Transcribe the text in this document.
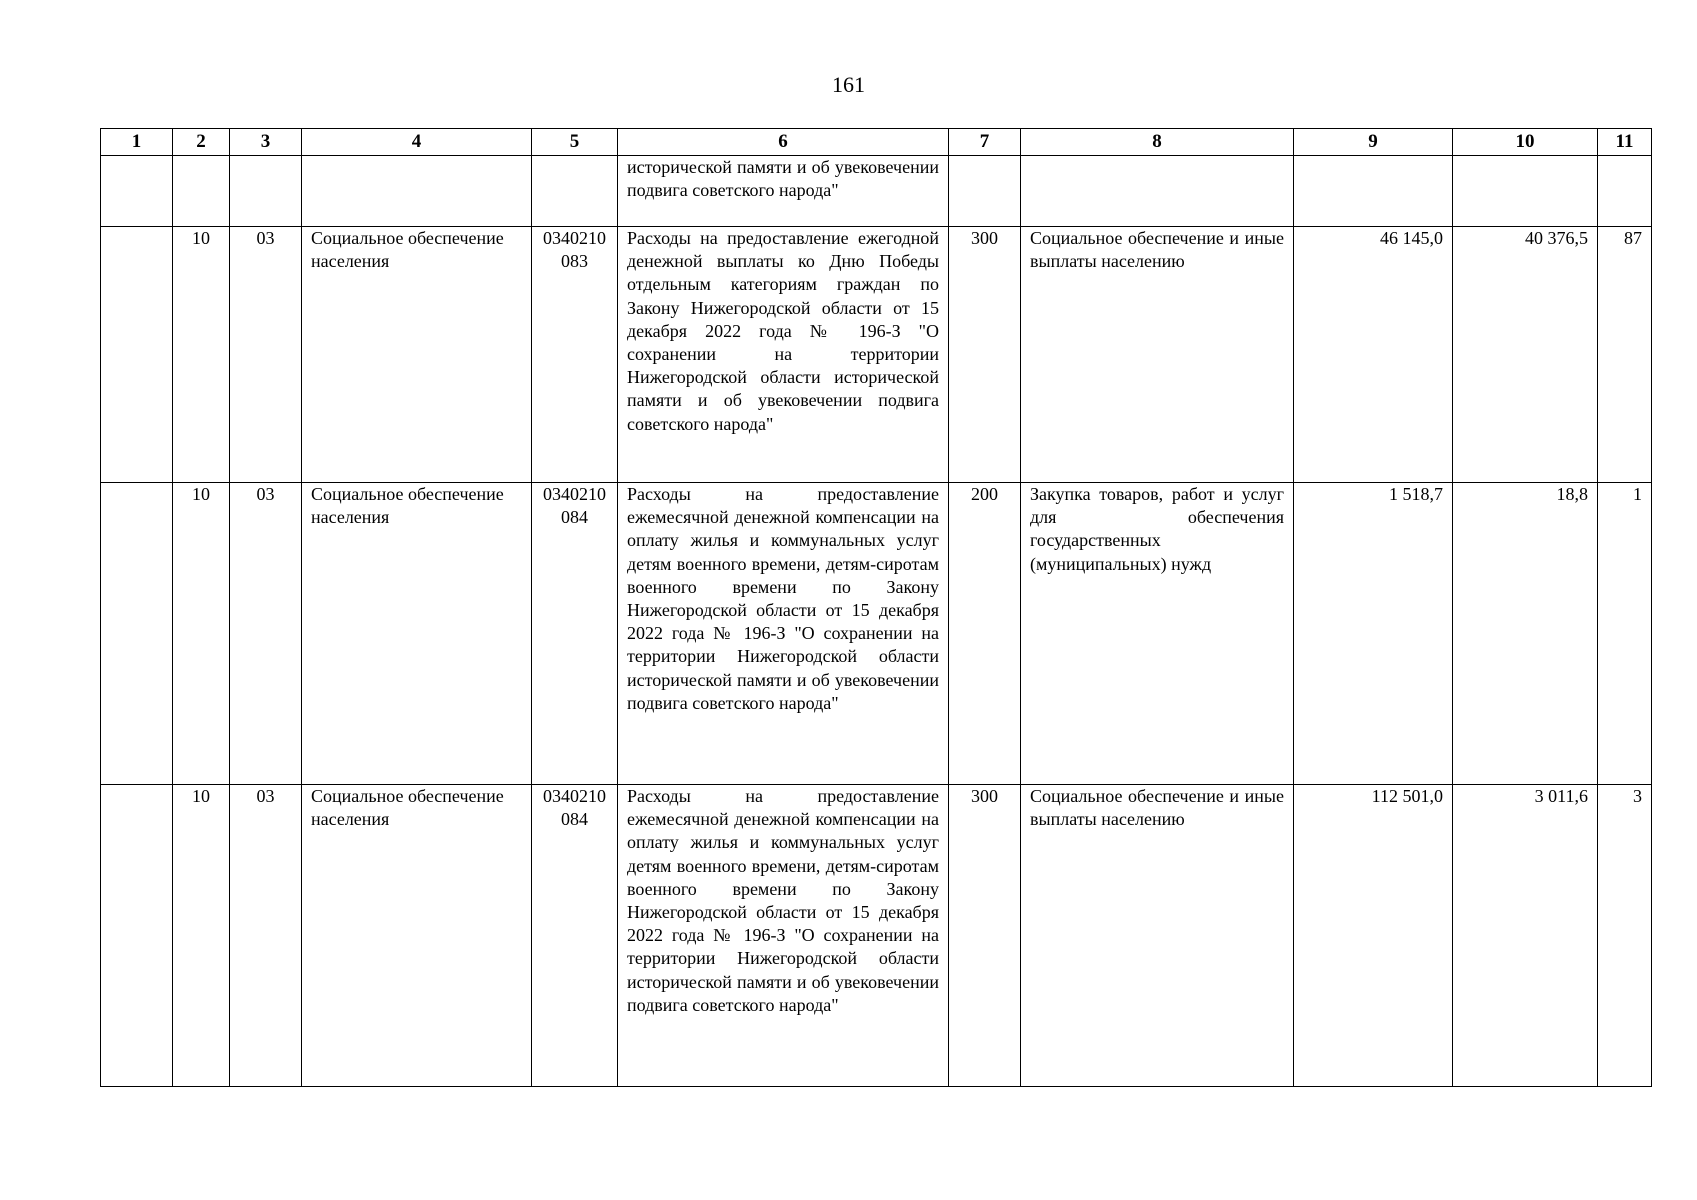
161
1	2	3	4	5	6	7	8	9	10	11
					исторической памяти и об увековечении подвига советского народа"					
	10	03	Социальное обеспечение населения	0340210083	Расходы на предоставление ежегодной денежной выплаты ко Дню Победы отдельным категориям граждан по Закону Нижегородской области от 15 декабря 2022 года № 196-З "О сохранении на территории Нижегородской области исторической памяти и об увековечении подвига советского народа"	300	Социальное обеспечение и иные выплаты населению	46 145,0	40 376,5	87
	10	03	Социальное обеспечение населения	0340210084	Расходы на предоставление ежемесячной денежной компенсации на оплату жилья и коммунальных услуг детям военного времени, детям-сиротам военного времени по Закону Нижегородской области от 15 декабря 2022 года № 196-З "О сохранении на территории Нижегородской области исторической памяти и об увековечении подвига советского народа"	200	Закупка товаров, работ и услуг для обеспечения государственных (муниципальных) нужд	1 518,7	18,8	1
	10	03	Социальное обеспечение населения	0340210084	Расходы на предоставление ежемесячной денежной компенсации на оплату жилья и коммунальных услуг детям военного времени, детям-сиротам военного времени по Закону Нижегородской области от 15 декабря 2022 года № 196-З "О сохранении на территории Нижегородской области исторической памяти и об увековечении подвига советского народа"	300	Социальное обеспечение и иные выплаты населению	112 501,0	3 011,6	3
